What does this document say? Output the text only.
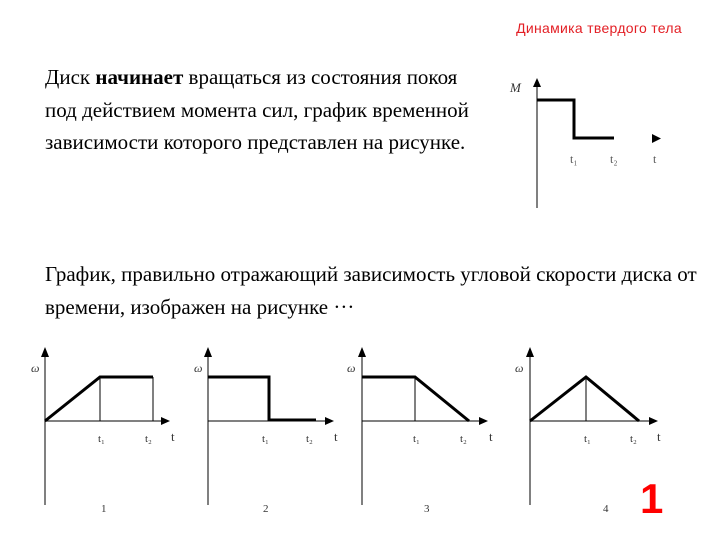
Динамика твердого тела
Диск начинает вращаться из состояния покоя под действием момента сил, график временной зависимости которого представлен на рисунке.
График, правильно отражающий зависимость угловой скорости диска от времени, изображен на рисунке ···
M
t₁	t₂	t
ω
t₁	t₂ t
1
ω
t₁	t₂ t
2
ω
t₁	t₂ t
3
ω
t₁	t₂ t
4 1
